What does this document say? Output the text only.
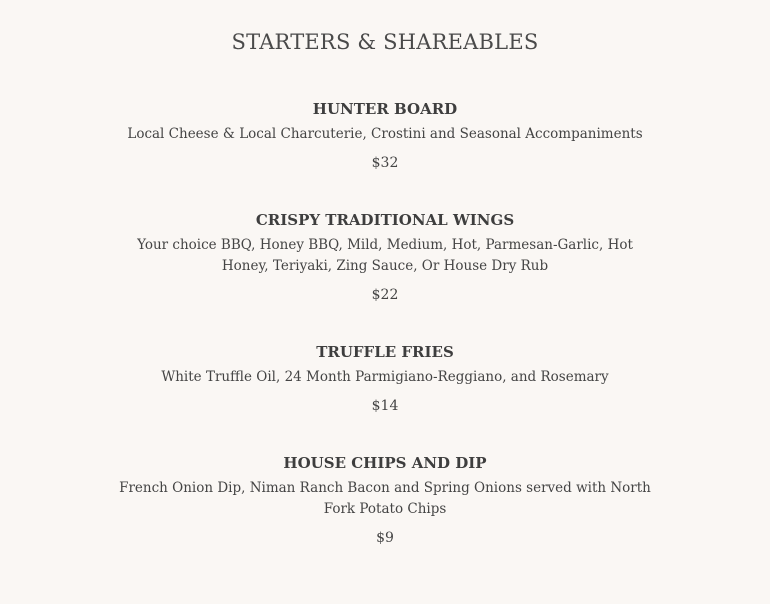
STARTERS & SHAREABLES
HUNTER BOARD
Local Cheese & Local Charcuterie, Crostini and Seasonal Accompaniments
$32
CRISPY TRADITIONAL WINGS
Your choice BBQ, Honey BBQ, Mild, Medium, Hot, Parmesan-Garlic, Hot Honey, Teriyaki, Zing Sauce, Or House Dry Rub
$22
TRUFFLE FRIES
White Truffle Oil, 24 Month Parmigiano-Reggiano, and Rosemary
$14
HOUSE CHIPS AND DIP
French Onion Dip, Niman Ranch Bacon and Spring Onions served with North Fork Potato Chips
$9
